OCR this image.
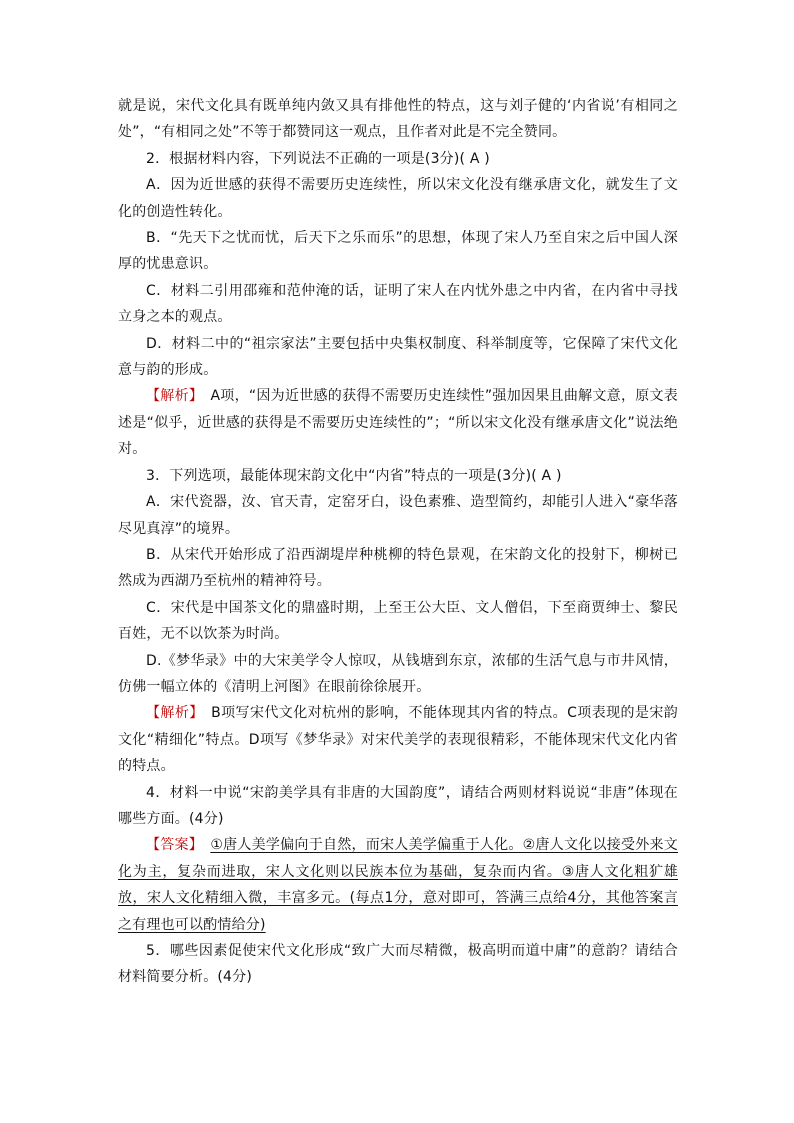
就是说，宋代文化具有既单纯内敛又具有排他性的特点，这与刘子健的‘内省说’有相同之处”，“有相同之处”不等于都赞同这一观点，且作者对此是不完全赞同。

2．根据材料内容，下列说法不正确的一项是(3分)( A )

A．因为近世感的获得不需要历史连续性，所以宋文化没有继承唐文化，就发生了文化的创造性转化。

B．“先天下之忧而忧，后天下之乐而乐”的思想，体现了宋人乃至自宋之后中国人深厚的忧患意识。

C．材料二引用邵雍和范仲淹的话，证明了宋人在内忧外患之中内省，在内省中寻找立身之本的观点。

D．材料二中的“祖宗家法”主要包括中央集权制度、科举制度等，它保障了宋代文化意与韵的形成。

【解析】　 A项，“因为近世感的获得不需要历史连续性”强加因果且曲解文意，原文表述是“似乎，近世感的获得是不需要历史连续性的”；“所以宋文化没有继承唐文化”说法绝对。

3．下列选项，最能体现宋韵文化中“内省”特点的一项是(3分)( A )

A．宋代瓷器，汝、官天青，定窑牙白，设色素雅、造型简约，却能引人进入“豪华落尽见真淳”的境界。

B．从宋代开始形成了沿西湖堤岸种桃柳的特色景观，在宋韵文化的投射下，柳树已然成为西湖乃至杭州的精神符号。

C．宋代是中国茶文化的鼎盛时期，上至王公大臣、文人僧侣，下至商贾绅士、黎民百姓，无不以饮茶为时尚。

D.《梦华录》中的大宋美学令人惊叹，从钱塘到东京，浓郁的生活气息与市井风情，仿佛一幅立体的《清明上河图》在眼前徐徐展开。

【解析】　 B项写宋代文化对杭州的影响，不能体现其内省的特点。C项表现的是宋韵文化“精细化”特点。D项写《梦华录》对宋代美学的表现很精彩，不能体现宋代文化内省的特点。

4．材料一中说“宋韵美学具有非唐的大国韵度”，请结合两则材料说说“非唐”体现在哪些方面。(4分)

【答案】　 ①唐人美学偏向于自然，而宋人美学偏重于人化。②唐人文化以接受外来文化为主，复杂而进取，宋人文化则以民族本位为基础，复杂而内省。③唐人文化粗犷雄放，宋人文化精细入微，丰富多元。(每点1分，意对即可，答满三点给4分，其他答案言之有理也可以酌情给分)

5．哪些因素促使宋代文化形成“致广大而尽精微，极高明而道中庸”的意韵？请结合材料简要分析。(4分)
